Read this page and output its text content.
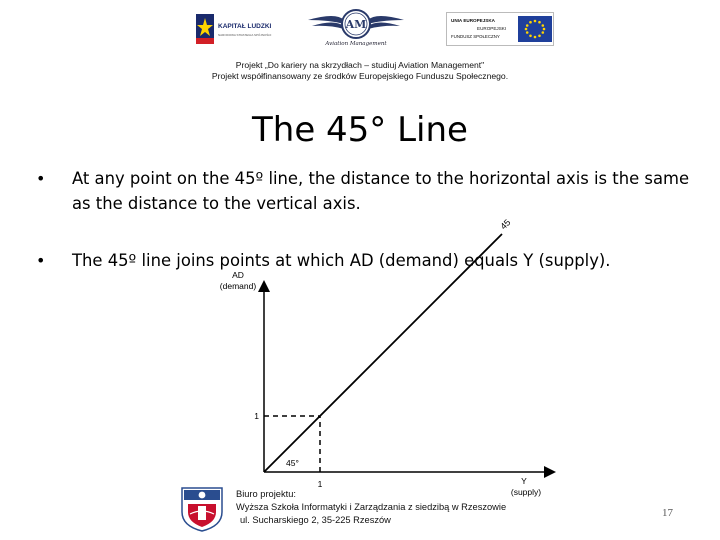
KAPITAŁ LUDZKI
NARODOWA STRATEGIA SPÓJNOŚCI
AM
Aviation Management
UNIA EUROPEJSKA
EUROPEJSKI
FUNDUSZ SPOŁECZNY
Projekt „Do kariery na skrzydłach – studiuj Aviation Management"
Projekt współfinansowany ze środków Europejskiego Funduszu Społecznego.
The 45° Line
• At any point on the 45º line, the distance to the horizontal axis is the same as the distance to the vertical axis.
• The 45º line joins points at which AD (demand) equals Y (supply).
AD
(demand)
Y
(supply)
1
1
45°
45
Biuro projektu:
Wyższa Szkoła Informatyki i Zarządzania z siedzibą w Rzeszowie
ul. Sucharskiego 2, 35-225 Rzeszów
17
